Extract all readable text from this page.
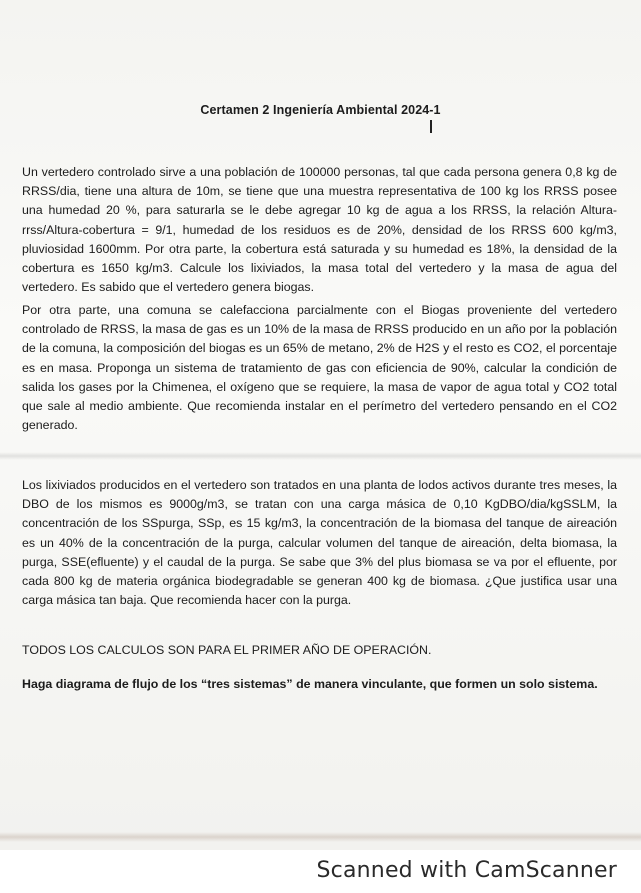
Certamen 2 Ingeniería Ambiental 2024-1

Un vertedero controlado sirve a una población de 100000 personas, tal que cada persona genera 0,8 kg de RRSS/dia, tiene una altura de 10m, se tiene que una muestra representativa de 100 kg los RRSS posee una humedad 20 %, para saturarla se le debe agregar 10 kg de agua a los RRSS, la relación Altura-rrss/Altura-cobertura = 9/1, humedad de los residuos es de 20%, densidad de los RRSS 600 kg/m3, pluviosidad 1600mm. Por otra parte, la cobertura está saturada y su humedad es 18%, la densidad de la cobertura es 1650 kg/m3. Calcule los lixiviados, la masa total del vertedero y la masa de agua del vertedero. Es sabido que el vertedero genera biogas.

Por otra parte, una comuna se calefacciona parcialmente con el Biogas proveniente del vertedero controlado de RRSS, la masa de gas es un 10% de la masa de RRSS producido en un año por la población de la comuna, la composición del biogas es un 65% de metano, 2% de H2S y el resto es CO2, el porcentaje es en masa. Proponga un sistema de tratamiento de gas con eficiencia de 90%, calcular la condición de salida los gases por la Chimenea, el oxígeno que se requiere, la masa de vapor de agua total y CO2 total que sale al medio ambiente. Que recomienda instalar en el perímetro del vertedero pensando en el CO2 generado.

Los lixiviados producidos en el vertedero son tratados en una planta de lodos activos durante tres meses, la DBO de los mismos es 9000g/m3, se tratan con una carga másica de 0,10 KgDBO/dia/kgSSLM, la concentración de los SSpurga, SSp, es 15 kg/m3, la concentración de la biomasa del tanque de aireación es un 40% de la concentración de la purga, calcular volumen del tanque de aireación, delta biomasa, la purga, SSE(efluente) y el caudal de la purga. Se sabe que 3% del plus biomasa se va por el efluente, por cada 800 kg de materia orgánica biodegradable se generan 400 kg de biomasa. ¿Que justifica usar una carga másica tan baja. Que recomienda hacer con la purga.

TODOS LOS CALCULOS SON PARA EL PRIMER AÑO DE OPERACIÓN.

Haga diagrama de flujo de los “tres sistemas” de manera vinculante, que formen un solo sistema.

Scanned with CamScanner
